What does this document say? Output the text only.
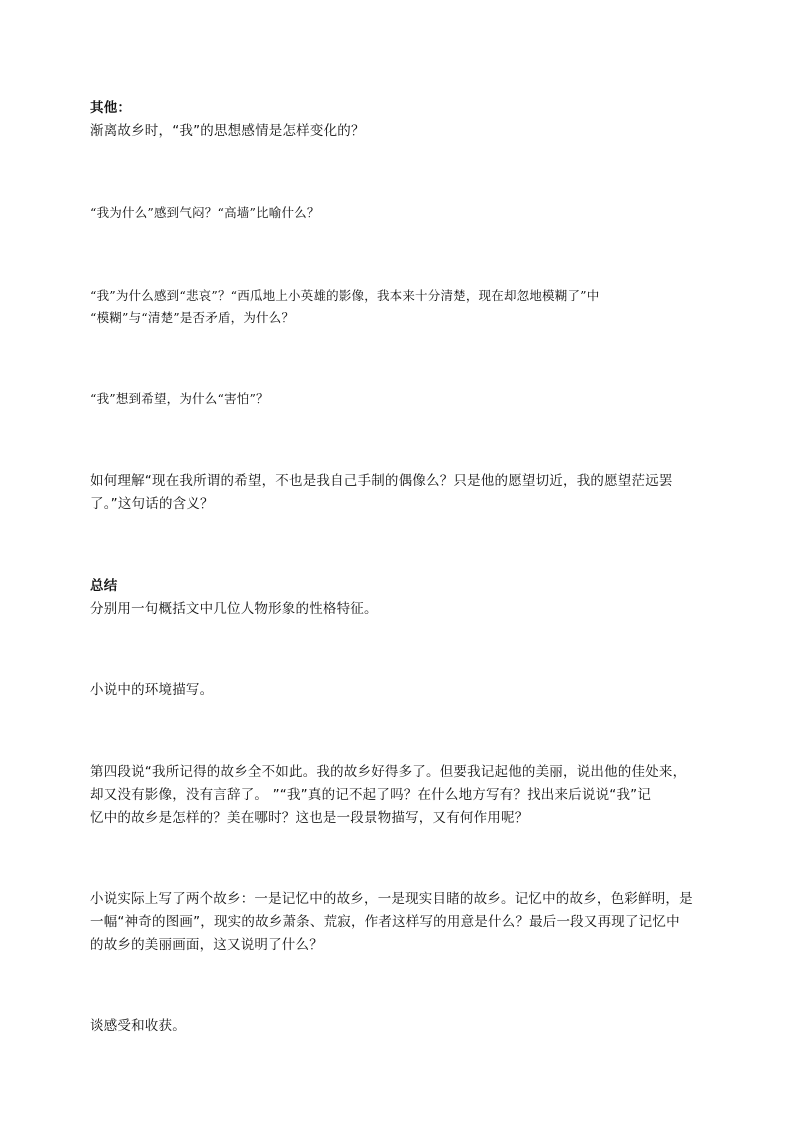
其他：

渐离故乡时，“我”的思想感情是怎样变化的？

“我为什么”感到气闷？“高墙”比喻什么？

“我”为什么感到“悲哀”？“西瓜地上小英雄的影像，我本来十分清楚，现在却忽地模糊了”中

“模糊”与“清楚”是否矛盾，为什么？

“我”想到希望，为什么“害怕”？

如何理解“现在我所谓的希望，不也是我自己手制的偶像么？只是他的愿望切近，我的愿望茫远罢

了。”这句话的含义？

总结

分别用一句概括文中几位人物形象的性格特征。

小说中的环境描写。

第四段说“我所记得的故乡全不如此。我的故乡好得多了。但要我记起他的美丽，说出他的佳处来，

却又没有影像，没有言辞了。 ”“我”真的记不起了吗？在什么地方写有？找出来后说说“我”记

忆中的故乡是怎样的？美在哪时？这也是一段景物描写，又有何作用呢？

小说实际上写了两个故乡：一是记忆中的故乡，一是现实目睹的故乡。记忆中的故乡，色彩鲜明，是

一幅“神奇的图画”，现实的故乡萧条、荒寂，作者这样写的用意是什么？最后一段又再现了记忆中

的故乡的美丽画面，这又说明了什么？

谈感受和收获。
